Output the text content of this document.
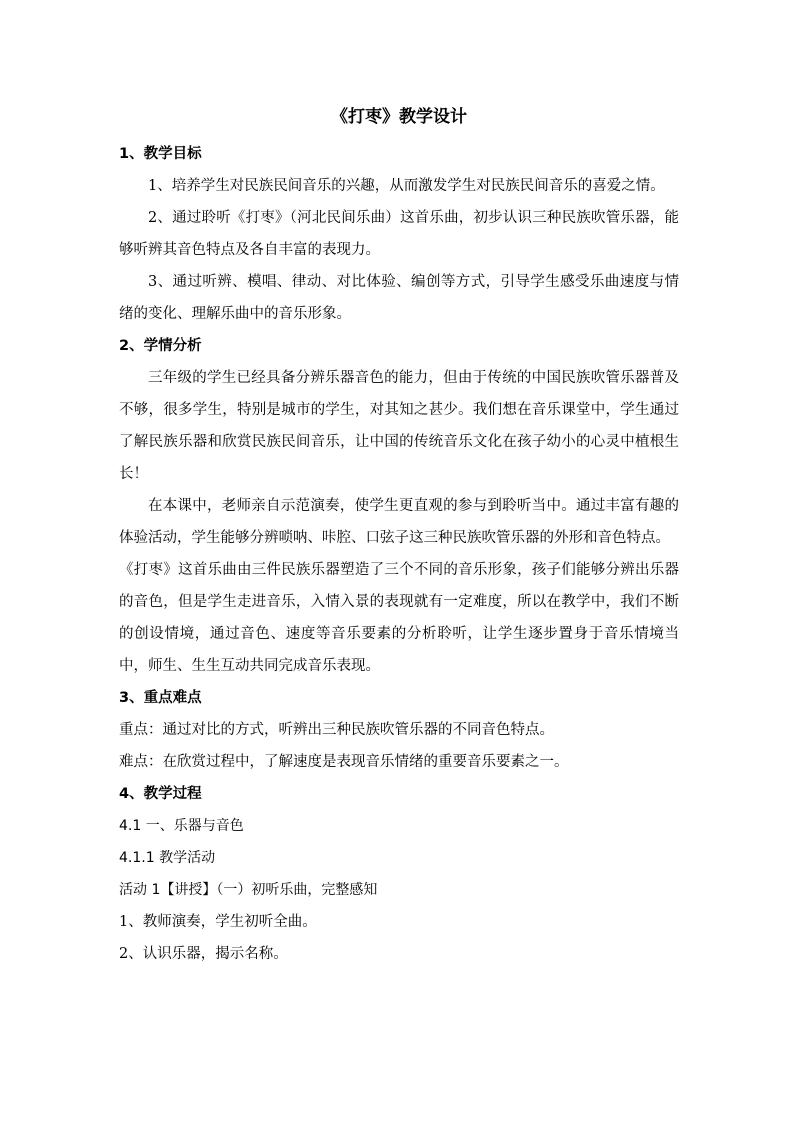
《打枣》教学设计
1、教学目标

1、培养学生对民族民间音乐的兴趣，从而激发学生对民族民间音乐的喜爱之情。

2、通过聆听《打枣》（河北民间乐曲）这首乐曲，初步认识三种民族吹管乐器，能够听辨其音色特点及各自丰富的表现力。

3、通过听辨、模唱、律动、对比体验、编创等方式，引导学生感受乐曲速度与情绪的变化、理解乐曲中的音乐形象。

2、学情分析

三年级的学生已经具备分辨乐器音色的能力，但由于传统的中国民族吹管乐器普及不够，很多学生，特别是城市的学生，对其知之甚少。我们想在音乐课堂中，学生通过了解民族乐器和欣赏民族民间音乐，让中国的传统音乐文化在孩子幼小的心灵中植根生长！

在本课中，老师亲自示范演奏，使学生更直观的参与到聆听当中。通过丰富有趣的体验活动，学生能够分辨唢呐、咔腔、口弦子这三种民族吹管乐器的外形和音色特点。

《打枣》这首乐曲由三件民族乐器塑造了三个不同的音乐形象，孩子们能够分辨出乐器的音色，但是学生走进音乐，入情入景的表现就有一定难度，所以在教学中，我们不断的创设情境，通过音色、速度等音乐要素的分析聆听，让学生逐步置身于音乐情境当中，师生、生生互动共同完成音乐表现。

3、重点难点

重点：通过对比的方式，听辨出三种民族吹管乐器的不同音色特点。

难点：在欣赏过程中，了解速度是表现音乐情绪的重要音乐要素之一。

4、教学过程

4.1 一、乐器与音色

4.1.1 教学活动

活动 1【讲授】（一）初听乐曲，完整感知

1、教师演奏，学生初听全曲。

2、认识乐器，揭示名称。
